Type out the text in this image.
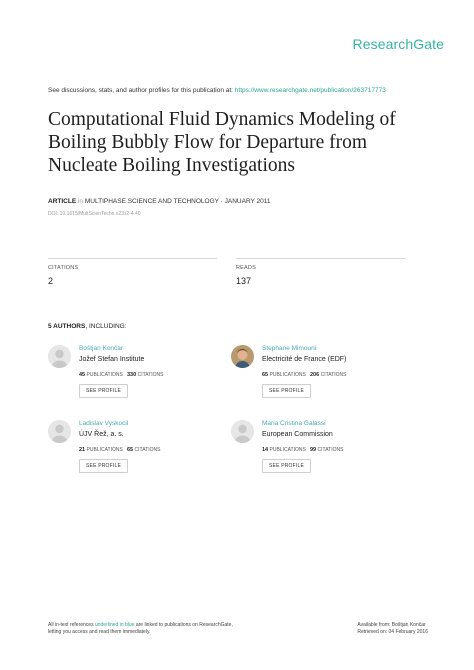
ResearchGate
See discussions, stats, and author profiles for this publication at: https://www.researchgate.net/publication/263717773
Computational Fluid Dynamics Modeling of
Boiling Bubbly Flow for Departure from
Nucleate Boiling Investigations
ARTICLE in MULTIPHASE SCIENCE AND TECHNOLOGY · JANUARY 2011
DOI: 10.1615/MultScienTechn.v23.i2-4.40
CITATIONS
2
READS
137
5 AUTHORS, INCLUDING:
Boštjan Končar
Jožef Stefan Institute
45 PUBLICATIONS 330 CITATIONS
SEE PROFILE
Stephane Mimouni
Electricité de France (EDF)
65 PUBLICATIONS 206 CITATIONS
SEE PROFILE
Ladislav Vyskocil
ÚJV Řež, a. s.
21 PUBLICATIONS 65 CITATIONS
SEE PROFILE
Maria Cristina Galassi
European Commission
14 PUBLICATIONS 99 CITATIONS
SEE PROFILE
All in-text references underlined in blue are linked to publications on ResearchGate,
letting you access and read them immediately.
Available from: Boštjan Končar
Retrieved on: 04 February 2016
